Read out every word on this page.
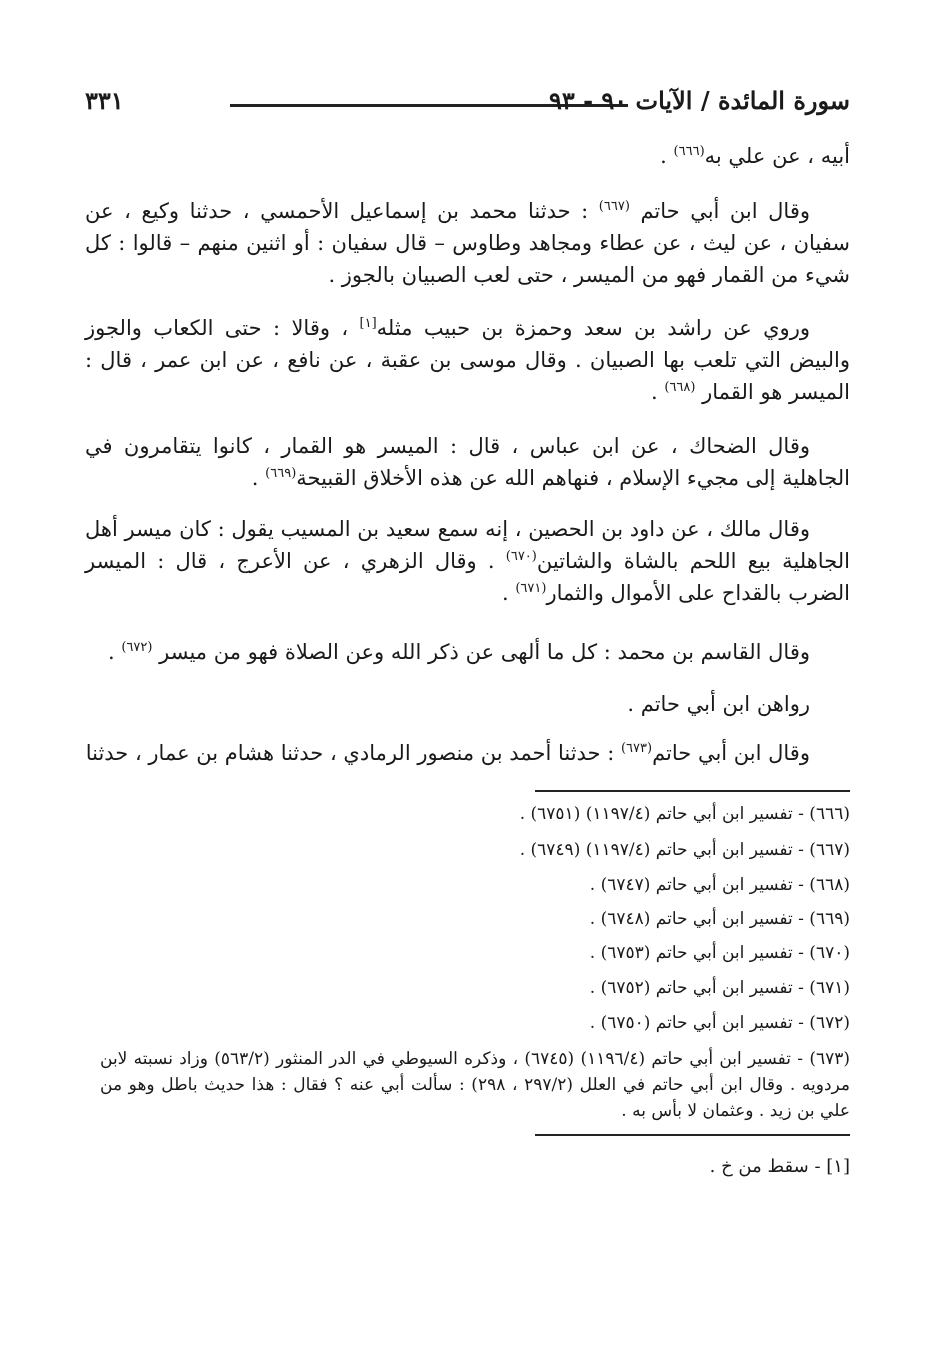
٣٣١	سورة المائدة / الآيات ٩٠ - ٩٣

أبيه ، عن علي به$^{(٦٦٦)}$ .

وقال ابن أبي حاتم $^{(٦٦٧)}$ : حدثنا محمد بن إسماعيل الأحمسي ، حدثنا وكيع ، عن سفيان ، عن ليث ، عن عطاء ومجاهد وطاوس – قال سفيان : أو اثنين منهم – قالوا : كل شيء من القمار فهو من الميسر ، حتى لعب الصبيان بالجوز .

وروي عن راشد بن سعد وحمزة بن حبيب مثله[١] ، وقالا : حتى الكعاب والجوز والبيض التي تلعب بها الصبيان . وقال موسى بن عقبة ، عن نافع ، عن ابن عمر ، قال : الميسر هو القمار $^{(٦٦٨)}$ .

وقال الضحاك ، عن ابن عباس ، قال : الميسر هو القمار ، كانوا يتقامرون في الجاهلية إلى مجيء الإسلام ، فنهاهم الله عن هذه الأخلاق القبيحة$^{(٦٦٩)}$ .

وقال مالك ، عن داود بن الحصين ، إنه سمع سعيد بن المسيب يقول : كان ميسر أهل الجاهلية بيع اللحم بالشاة والشاتين$^{(٦٧٠)}$ . وقال الزهري ، عن الأعرج ، قال : الميسر الضرب بالقداح على الأموال والثمار$^{(٦٧١)}$ .

وقال القاسم بن محمد : كل ما ألهى عن ذكر الله وعن الصلاة فهو من ميسر $^{(٦٧٢)}$ .

رواهن ابن أبي حاتم .

وقال ابن أبي حاتم$^{(٦٧٣)}$ : حدثنا أحمد بن منصور الرمادي ، حدثنا هشام بن عمار ، حدثنا

(٦٦٦) - تفسير ابن أبي حاتم (١١٩٧/٤) (٦٧٥١) .
(٦٦٧) - تفسير ابن أبي حاتم (١١٩٧/٤) (٦٧٤٩) .
(٦٦٨) - تفسير ابن أبي حاتم (٦٧٤٧) .
(٦٦٩) - تفسير ابن أبي حاتم (٦٧٤٨) .
(٦٧٠) - تفسير ابن أبي حاتم (٦٧٥٣) .
(٦٧١) - تفسير ابن أبي حاتم (٦٧٥٢) .
(٦٧٢) - تفسير ابن أبي حاتم (٦٧٥٠) .
(٦٧٣) - تفسير ابن أبي حاتم (١١٩٦/٤) (٦٧٤٥) ، وذكره السيوطي في الدر المنثور (٥٦٣/٢) وزاد نسبته لابن مردويه . وقال ابن أبي حاتم في العلل (٢٩٧/٢ ، ٢٩٨) : سألت أبي عنه ؟ فقال : هذا حديث باطل وهو من علي بن زيد . وعثمان لا بأس به .
[١] - سقط من خ .
